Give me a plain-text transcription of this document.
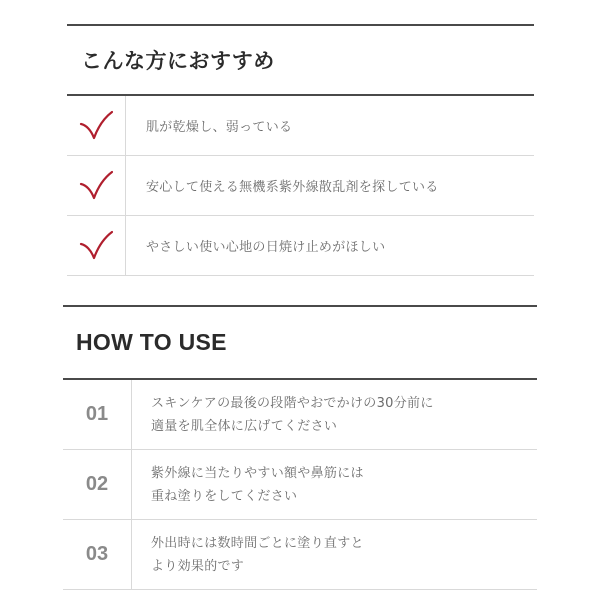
こんな方におすすめ
肌が乾燥し、弱っている
安心して使える無機系紫外線散乱剤を探している
やさしい使い心地の日焼け止めがほしい
HOW TO USE
01	スキンケアの最後の段階やおでかけの30分前に
適量を肌全体に広げてください
02	紫外線に当たりやすい額や鼻筋には
重ね塗りをしてください
03	外出時には数時間ごとに塗り直すと
より効果的です
